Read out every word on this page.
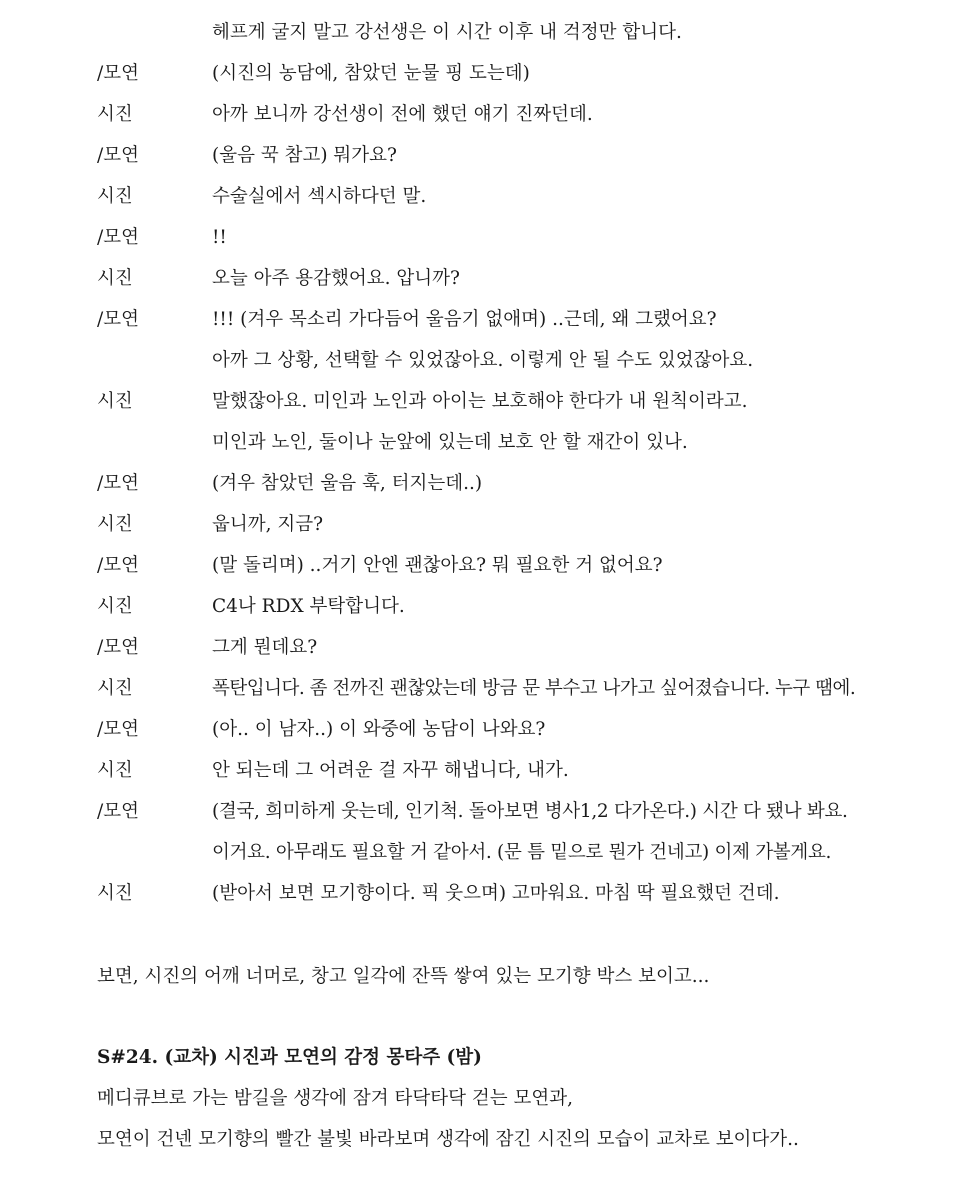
헤프게 굴지 말고 강선생은 이 시간 이후 내 걱정만 합니다.
/모연	(시진의 농담에, 참았던 눈물 핑 도는데)
시진	아까 보니까 강선생이 전에 했던 얘기 진짜던데.
/모연	(울음 꾹 참고) 뭐가요?
시진	수술실에서 섹시하다던 말.
/모연	!!
시진	오늘 아주 용감했어요. 압니까?
/모연	!!! (겨우 목소리 가다듬어 울음기 없애며) ..근데, 왜 그랬어요?
아까 그 상황, 선택할 수 있었잖아요. 이렇게 안 될 수도 있었잖아요.
시진	말했잖아요. 미인과 노인과 아이는 보호해야 한다가 내 원칙이라고.
미인과 노인, 둘이나 눈앞에 있는데 보호 안 할 재간이 있나.
/모연	(겨우 참았던 울음 훅, 터지는데..)
시진	웁니까, 지금?
/모연	(말 돌리며) ..거기 안엔 괜찮아요? 뭐 필요한 거 없어요?
시진	C4나 RDX 부탁합니다.
/모연	그게 뭔데요?
시진	폭탄입니다. 좀 전까진 괜찮았는데 방금 문 부수고 나가고 싶어졌습니다. 누구 땜에.
/모연	(아.. 이 남자..) 이 와중에 농담이 나와요?
시진	안 되는데 그 어려운 걸 자꾸 해냅니다, 내가.
/모연	(결국, 희미하게 웃는데, 인기척. 돌아보면 병사1,2 다가온다.) 시간 다 됐나 봐요.
이거요. 아무래도 필요할 거 같아서. (문 틈 밑으로 뭔가 건네고) 이제 가볼게요.
시진	(받아서 보면 모기향이다. 픽 웃으며) 고마워요. 마침 딱 필요했던 건데.
보면, 시진의 어깨 너머로, 창고 일각에 잔뜩 쌓여 있는 모기향 박스 보이고...
S#24. (교차) 시진과 모연의 감정 몽타주 (밤)
메디큐브로 가는 밤길을 생각에 잠겨 타닥타닥 걷는 모연과,
모연이 건넨 모기향의 빨간 불빛 바라보며 생각에 잠긴 시진의 모습이 교차로 보이다가..
